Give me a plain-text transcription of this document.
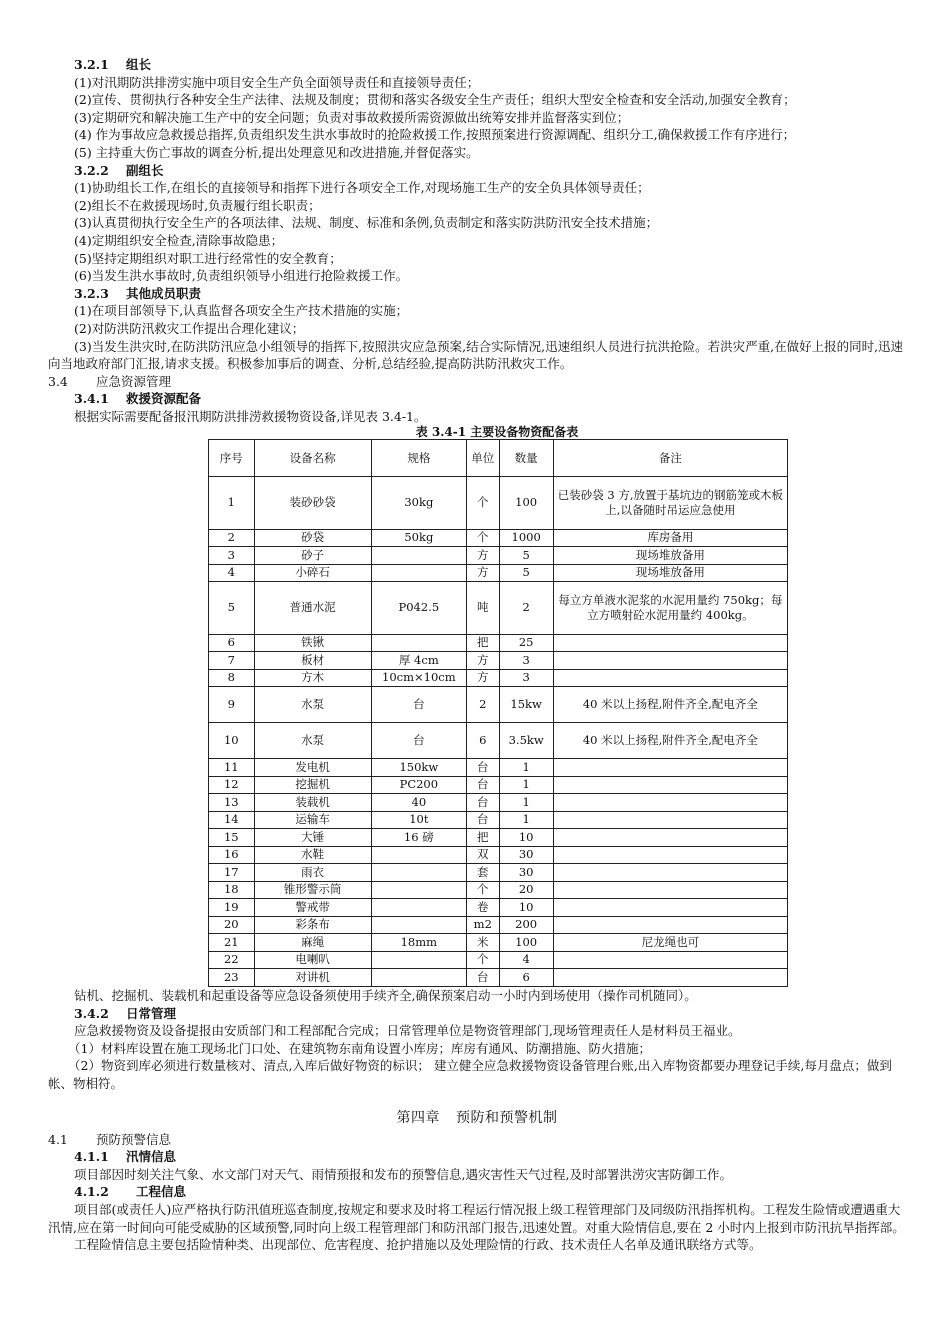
3.2.1 组长
(1)对汛期防洪排涝实施中项目安全生产负全面领导责任和直接领导责任；
(2)宣传、贯彻执行各种安全生产法律、法规及制度；贯彻和落实各级安全生产责任；组织大型安全检查和安全活动,加强安全教育；
(3)定期研究和解决施工生产中的安全问题；负责对事故救援所需资源做出统筹安排并监督落实到位；
(4) 作为事故应急救援总指挥,负责组织发生洪水事故时的抢险救援工作,按照预案进行资源调配、组织分工,确保救援工作有序进行；
(5) 主持重大伤亡事故的调查分析,提出处理意见和改进措施,并督促落实。
3.2.2 副组长
(1)协助组长工作,在组长的直接领导和指挥下进行各项安全工作,对现场施工生产的安全负具体领导责任；
(2)组长不在救援现场时,负责履行组长职责；
(3)认真贯彻执行安全生产的各项法律、法规、制度、标准和条例,负责制定和落实防洪防汛安全技术措施；
(4)定期组织安全检查,清除事故隐患；
(5)坚持定期组织对职工进行经常性的安全教育；
(6)当发生洪水事故时,负责组织领导小组进行抢险救援工作。
3.2.3 其他成员职责
(1)在项目部领导下,认真监督各项安全生产技术措施的实施；
(2)对防洪防汛救灾工作提出合理化建议；
(3)当发生洪灾时,在防洪防汛应急小组领导的指挥下,按照洪灾应急预案,结合实际情况,迅速组织人员进行抗洪抢险。若洪灾严重,在做好上报的同时,迅速向当地政府部门汇报,请求支援。积极参加事后的调查、分析,总结经验,提高防洪防汛救灾工作。
3.4 应急资源管理
3.4.1 救援资源配备
根据实际需要配备报汛期防洪排涝救援物资设备,详见表 3.4-1。
表 3.4-1 主要设备物资配备表
序号	设备名称	规格	单位	数量	备注
1	装砂砂袋	30kg	个	100	已装砂袋 3 方,放置于基坑边的钢筋笼或木板上,以备随时吊运应急使用
2	砂袋	50kg	个	1000	库房备用
3	砂子		方	5	现场堆放备用
4	小碎石		方	5	现场堆放备用
5	普通水泥	P042.5	吨	2	每立方单液水泥浆的水泥用量约 750kg；每立方喷射砼水泥用量约 400kg。
6	铁锹		把	25	
7	板材	厚 4cm	方	3	
8	方木	10cm×10cm	方	3	
9	水泵	台	2	15kw	40 米以上扬程,附件齐全,配电齐全
10	水泵	台	6	3.5kw	40 米以上扬程,附件齐全,配电齐全
11	发电机	150kw	台	1	
12	挖掘机	PC200	台	1	
13	装载机	40	台	1	
14	运输车	10t	台	1	
15	大锤	16 磅	把	10	
16	水鞋		双	30	
17	雨衣		套	30	
18	锥形警示筒		个	20	
19	警戒带		卷	10	
20	彩条布		m2	200	
21	麻绳	18mm	米	100	尼龙绳也可
22	电喇叭		个	4	
23	对讲机		台	6	
钻机、挖掘机、装载机和起重设备等应急设备须使用手续齐全,确保预案启动一小时内到场使用（操作司机随同）。
3.4.2 日常管理
应急救援物资及设备提报由安质部门和工程部配合完成；日常管理单位是物资管理部门,现场管理责任人是材料员王福业。
（1）材料库设置在施工现场北门口处、在建筑物东南角设置小库房；库房有通风、防潮措施、防火措施；
（2）物资到库必须进行数量核对、清点,入库后做好物资的标识； 建立健全应急救援物资设备管理台账,出入库物资都要办理登记手续,每月盘点；做到帐、物相符。
第四章 预防和预警机制
4.1 预防预警信息
4.1.1 汛情信息
项目部因时刻关注气象、水文部门对天气、雨情预报和发布的预警信息,遇灾害性天气过程,及时部署洪涝灾害防御工作。
4.1.2 工程信息
项目部(或责任人)应严格执行防汛值班巡查制度,按规定和要求及时将工程运行情况报上级工程管理部门及同级防汛指挥机构。工程发生险情或遭遇重大汛情,应在第一时间向可能受威胁的区域预警,同时向上级工程管理部门和防汛部门报告,迅速处置。对重大险情信息,要在 2 小时内上报到市防汛抗旱指挥部。
工程险情信息主要包括险情种类、出现部位、危害程度、抢护措施以及处理险情的行政、技术责任人名单及通讯联络方式等。
